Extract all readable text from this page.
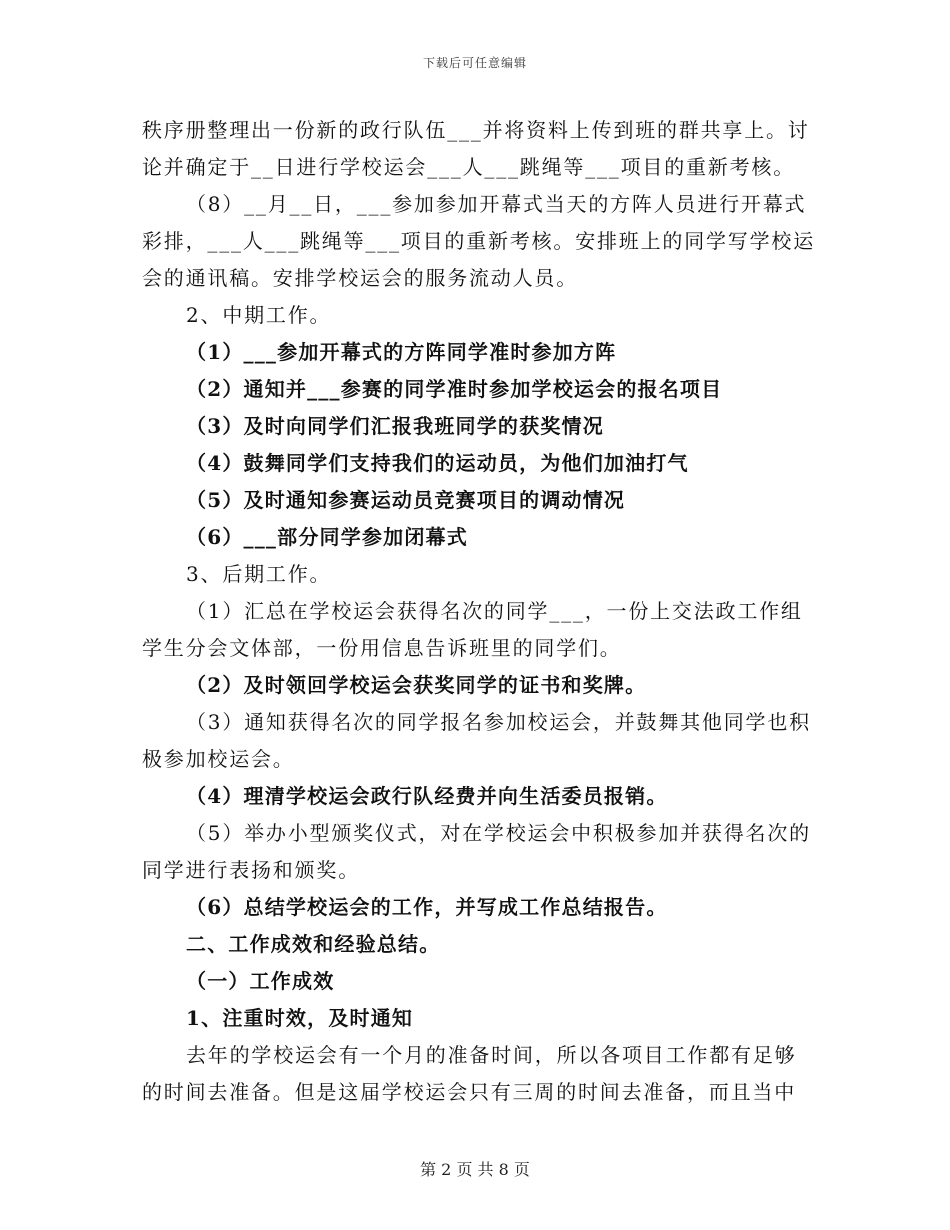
下载后可任意编辑

秩序册整理出一份新的政行队伍___并将资料上传到班的群共享上。讨

论并确定于__日进行学校运会___人___跳绳等___项目的重新考核。

（8）__月__日，___参加参加开幕式当天的方阵人员进行开幕式

彩排，___人___跳绳等___项目的重新考核。安排班上的同学写学校运

会的通讯稿。安排学校运会的服务流动人员。

2、中期工作。

（1）___参加开幕式的方阵同学准时参加方阵

（2）通知并___参赛的同学准时参加学校运会的报名项目

（3）及时向同学们汇报我班同学的获奖情况

（4）鼓舞同学们支持我们的运动员，为他们加油打气

（5）及时通知参赛运动员竞赛项目的调动情况

（6）___部分同学参加闭幕式

3、后期工作。

（1）汇总在学校运会获得名次的同学___，一份上交法政工作组

学生分会文体部，一份用信息告诉班里的同学们。

（2）及时领回学校运会获奖同学的证书和奖牌。

（3）通知获得名次的同学报名参加校运会，并鼓舞其他同学也积

极参加校运会。

（4）理清学校运会政行队经费并向生活委员报销。

（5）举办小型颁奖仪式，对在学校运会中积极参加并获得名次的

同学进行表扬和颁奖。

（6）总结学校运会的工作，并写成工作总结报告。

二、工作成效和经验总结。

（一）工作成效

1、注重时效，及时通知

去年的学校运会有一个月的准备时间，所以各项目工作都有足够

的时间去准备。但是这届学校运会只有三周的时间去准备，而且当中

第 2 页 共 8 页
